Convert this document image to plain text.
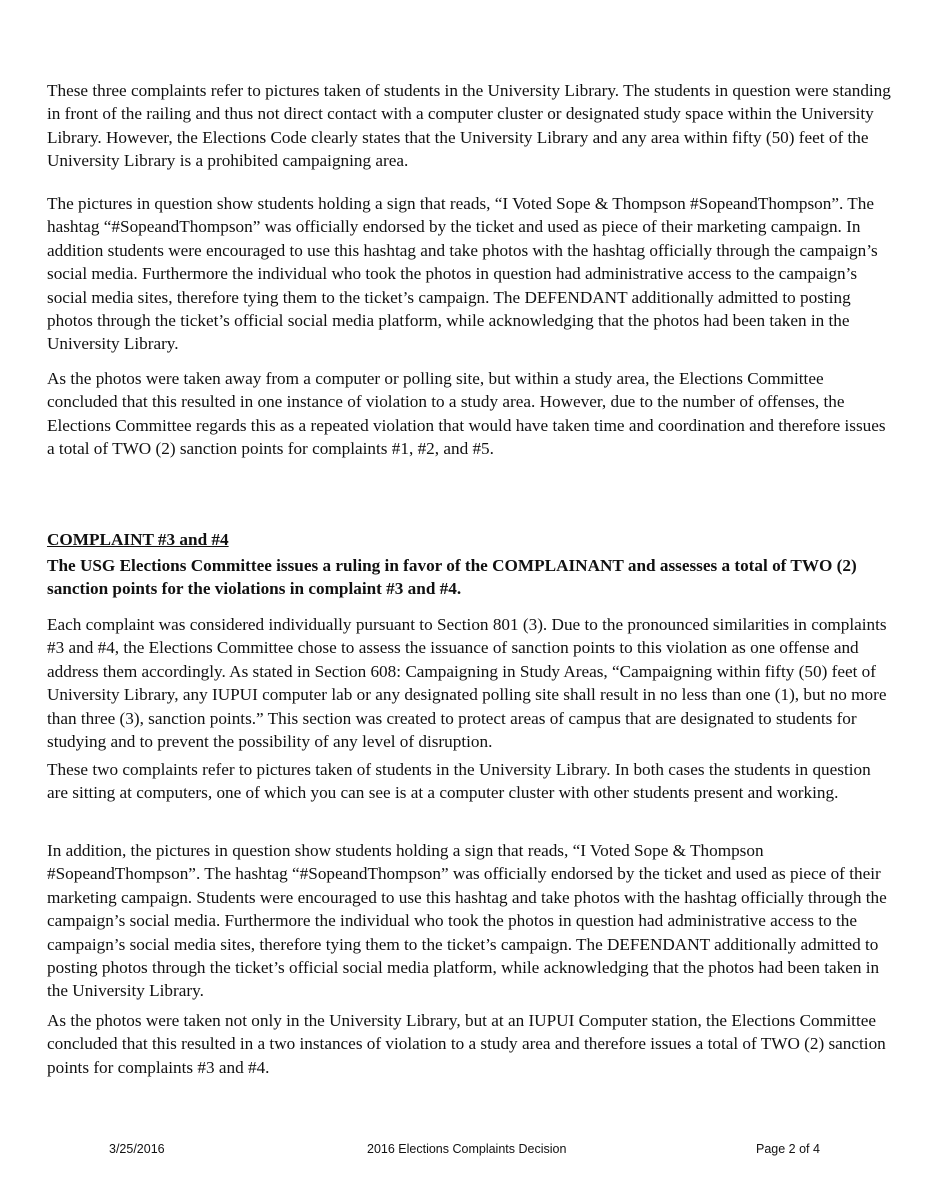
These three complaints refer to pictures taken of students in the University Library. The students in question were standing in front of the railing and thus not direct contact with a computer cluster or designated study space within the University Library. However, the Elections Code clearly states that the University Library and any area within fifty (50) feet of the University Library is a prohibited campaigning area.

The pictures in question show students holding a sign that reads, “I Voted Sope & Thompson #SopeandThompson”. The hashtag “#SopeandThompson” was officially endorsed by the ticket and used as piece of their marketing campaign. In addition students were encouraged to use this hashtag and take photos with the hashtag officially through the campaign’s social media. Furthermore the individual who took the photos in question had administrative access to the campaign’s social media sites, therefore tying them to the ticket’s campaign. The DEFENDANT additionally admitted to posting photos through the ticket’s official social media platform, while acknowledging that the photos had been taken in the University Library.

As the photos were taken away from a computer or polling site, but within a study area, the Elections Committee concluded that this resulted in one instance of violation to a study area. However, due to the number of offenses, the Elections Committee regards this as a repeated violation that would have taken time and coordination and therefore issues a total of TWO (2) sanction points for complaints #1, #2, and #5.

COMPLAINT #3 and #4

The USG Elections Committee issues a ruling in favor of the COMPLAINANT and assesses a total of TWO (2) sanction points for the violations in complaint #3 and #4.

Each complaint was considered individually pursuant to Section 801 (3). Due to the pronounced similarities in complaints #3 and #4, the Elections Committee chose to assess the issuance of sanction points to this violation as one offense and address them accordingly. As stated in Section 608: Campaigning in Study Areas, “Campaigning within fifty (50) feet of University Library, any IUPUI computer lab or any designated polling site shall result in no less than one (1), but no more than three (3), sanction points.” This section was created to protect areas of campus that are designated to students for studying and to prevent the possibility of any level of disruption.

These two complaints refer to pictures taken of students in the University Library. In both cases the students in question are sitting at computers, one of which you can see is at a computer cluster with other students present and working.

In addition, the pictures in question show students holding a sign that reads, “I Voted Sope & Thompson #SopeandThompson”. The hashtag “#SopeandThompson” was officially endorsed by the ticket and used as piece of their marketing campaign. Students were encouraged to use this hashtag and take photos with the hashtag officially through the campaign’s social media. Furthermore the individual who took the photos in question had administrative access to the campaign’s social media sites, therefore tying them to the ticket’s campaign. The DEFENDANT additionally admitted to posting photos through the ticket’s official social media platform, while acknowledging that the photos had been taken in the University Library.

As the photos were taken not only in the University Library, but at an IUPUI Computer station, the Elections Committee concluded that this resulted in a two instances of violation to a study area and therefore issues a total of TWO (2) sanction points for complaints #3 and #4.

3/25/2016	2016 Elections Complaints Decision	Page 2 of 4
